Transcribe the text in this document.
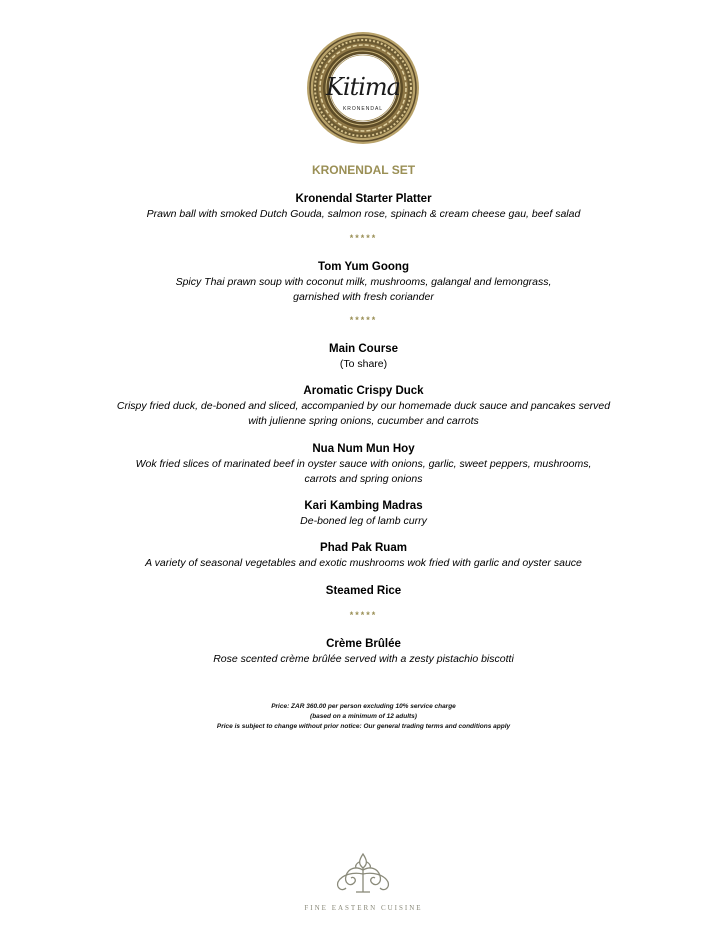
Kitima
KRONENDAL
KRONENDAL SET
Kronendal Starter Platter
Prawn ball with smoked Dutch Gouda, salmon rose, spinach & cream cheese gau, beef salad
*****
Tom Yum Goong
Spicy Thai prawn soup with coconut milk, mushrooms, galangal and lemongrass,
garnished with fresh coriander
*****
Main Course
(To share)
Aromatic Crispy Duck
Crispy fried duck, de-boned and sliced, accompanied by our homemade duck sauce and pancakes served
with julienne spring onions, cucumber and carrots
Nua Num Mun Hoy
Wok fried slices of marinated beef in oyster sauce with onions, garlic, sweet peppers, mushrooms,
carrots and spring onions
Kari Kambing Madras
De-boned leg of lamb curry
Phad Pak Ruam
A variety of seasonal vegetables and exotic mushrooms wok fried with garlic and oyster sauce
Steamed Rice
*****
Crème Brûlée
Rose scented crème brûlée served with a zesty pistachio biscotti
Price: ZAR 360.00 per person excluding 10% service charge
(based on a minimum of 12 adults)
Price is subject to change without prior notice: Our general trading terms and conditions apply
FINE EASTERN CUISINE
